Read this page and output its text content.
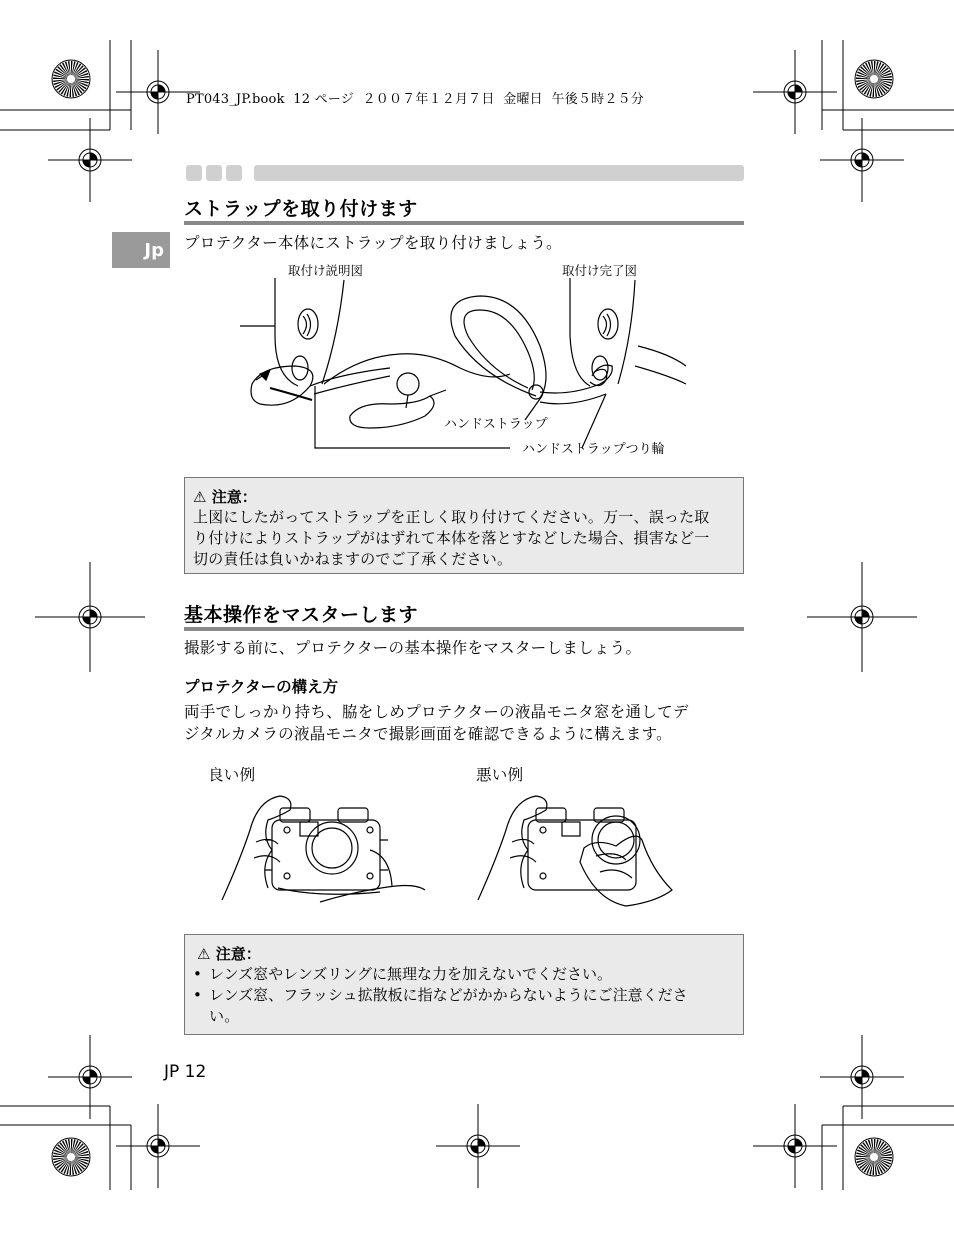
PT043_JP.book  12 ページ  ２００７年１２月７日  金曜日  午後５時２５分
ストラップを取り付けます
Jp	プロテクター本体にストラップを取り付けましょう。
取付け説明図	取付け完了図
ハンドストラップ
ハンドストラップつり輪
⚠ 注意：
上図にしたがってストラップを正しく取り付けてください。万一、誤った取
り付けによりストラップがはずれて本体を落とすなどした場合、損害など一
切の責任は負いかねますのでご了承ください。
基本操作をマスターします
撮影する前に、プロテクターの基本操作をマスターしましょう。
プロテクターの構え方
両手でしっかり持ち、脇をしめプロテクターの液晶モニタ窓を通してデ
ジタルカメラの液晶モニタで撮影画面を確認できるように構えます。
良い例	悪い例
⚠ 注意：
• レンズ窓やレンズリングに無理な力を加えないでください。
• レンズ窓、フラッシュ拡散板に指などがかからないようにご注意くださ
い。
JP 12
